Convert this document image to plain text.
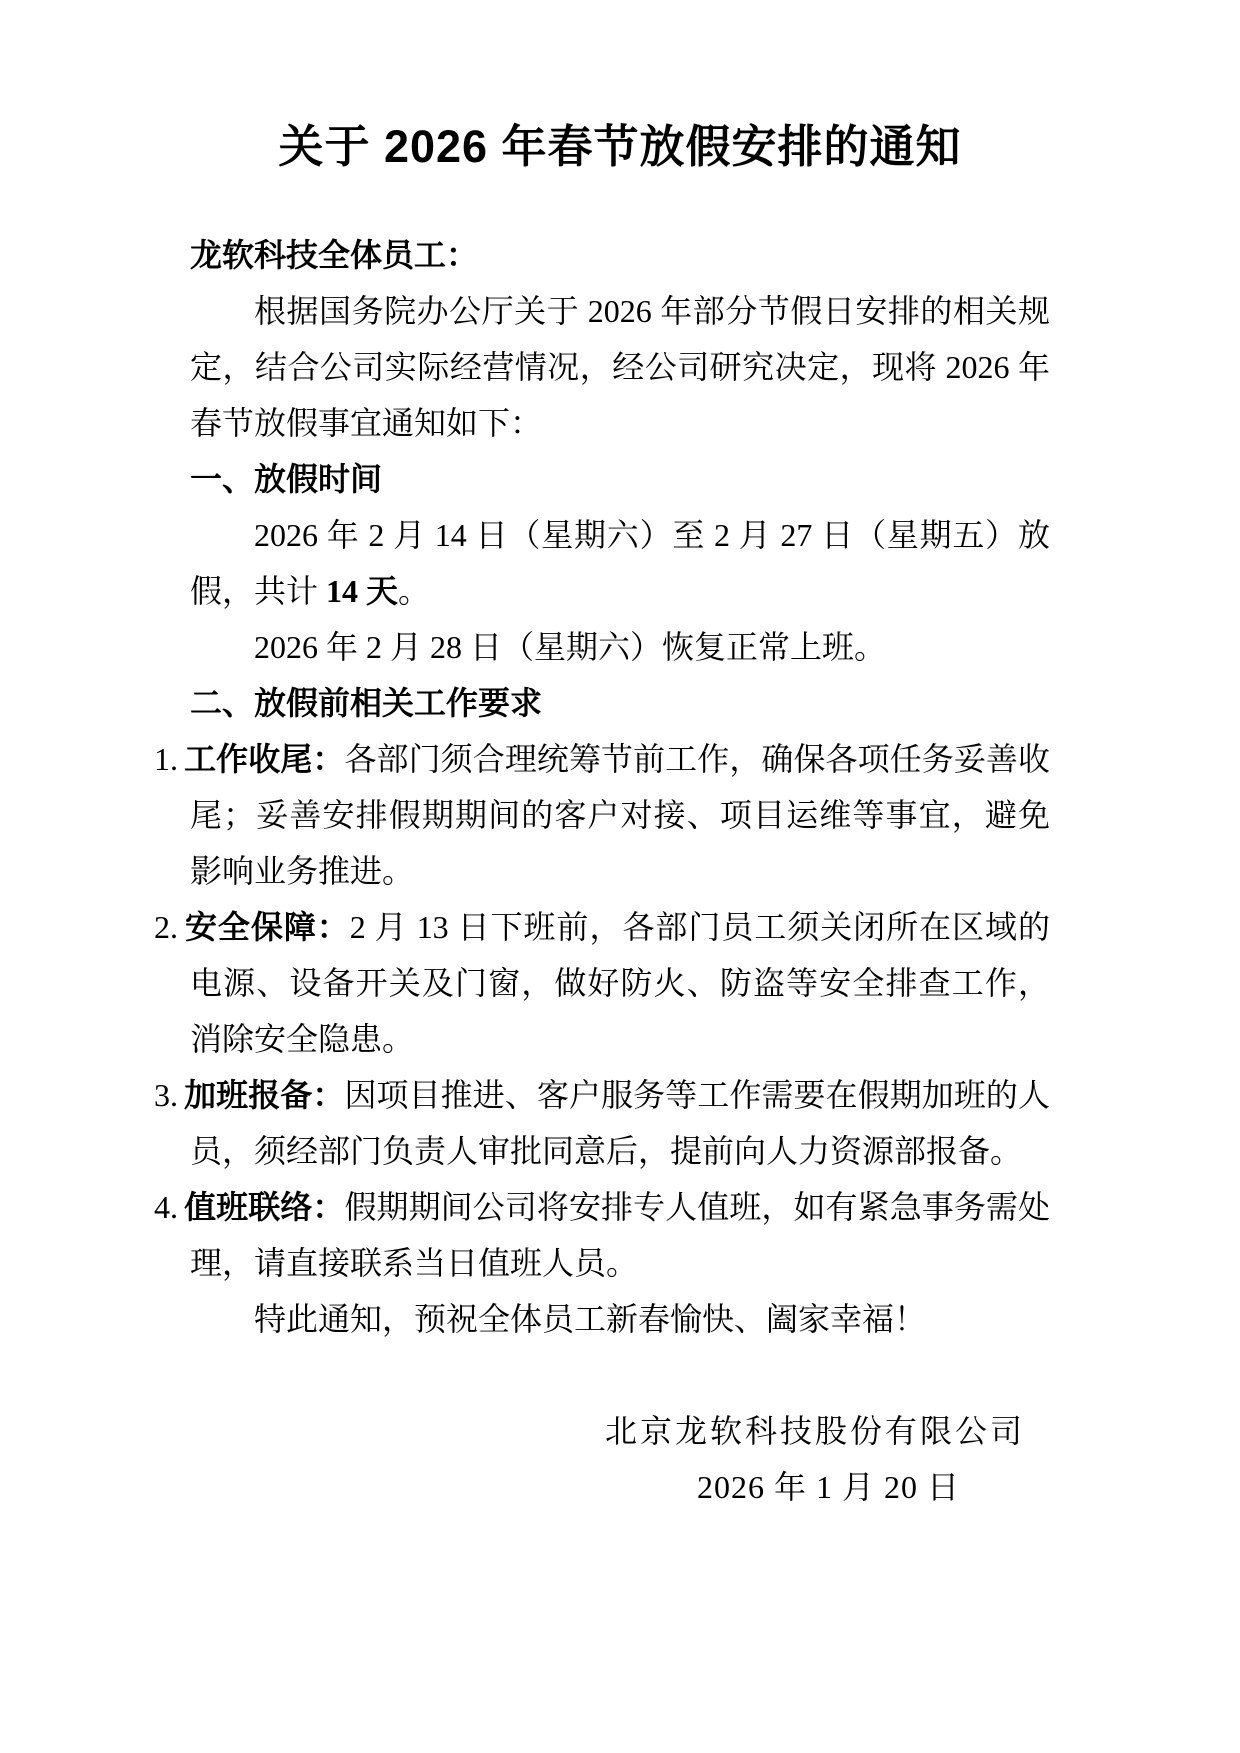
关于 2026 年春节放假安排的通知

龙软科技全体员工：

根据国务院办公厅关于 2026 年部分节假日安排的相关规定，结合公司实际经营情况，经公司研究决定，现将 2026 年春节放假事宜通知如下：

一、放假时间

2026 年 2 月 14 日（星期六）至 2 月 27 日（星期五）放假，共计 14 天。

2026 年 2 月 28 日（星期六）恢复正常上班。

二、放假前相关工作要求

1. 工作收尾：各部门须合理统筹节前工作，确保各项任务妥善收尾；妥善安排假期期间的客户对接、项目运维等事宜，避免影响业务推进。

2. 安全保障：2 月 13 日下班前，各部门员工须关闭所在区域的电源、设备开关及门窗，做好防火、防盗等安全排查工作，消除安全隐患。

3. 加班报备：因项目推进、客户服务等工作需要在假期加班的人员，须经部门负责人审批同意后，提前向人力资源部报备。

4. 值班联络：假期期间公司将安排专人值班，如有紧急事务需处理，请直接联系当日值班人员。

特此通知，预祝全体员工新春愉快、阖家幸福！

北京龙软科技股份有限公司
2026 年 1 月 20 日
